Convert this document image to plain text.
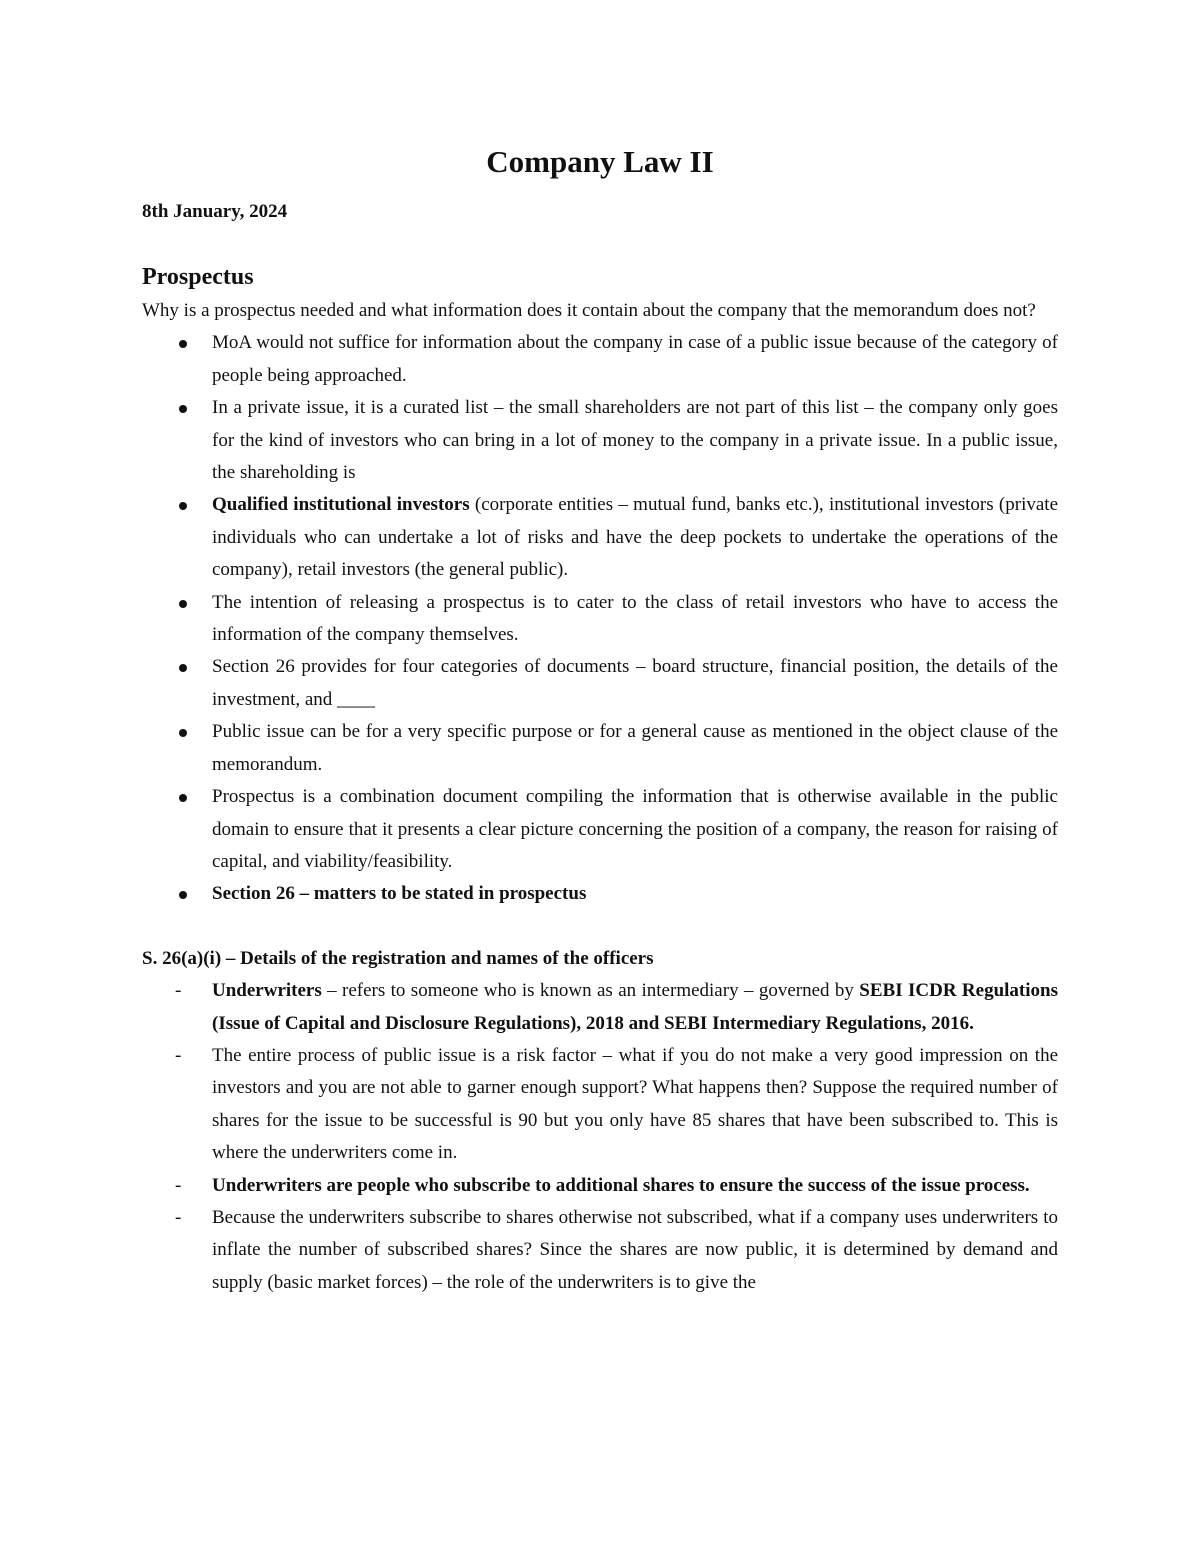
Company Law II
8th January, 2024
Prospectus

Why is a prospectus needed and what information does it contain about the company that the memorandum does not?

MoA would not suffice for information about the company in case of a public issue because of the category of people being approached.
In a private issue, it is a curated list – the small shareholders are not part of this list – the company only goes for the kind of investors who can bring in a lot of money to the company in a private issue. In a public issue, the shareholding is
Qualified institutional investors (corporate entities – mutual fund, banks etc.), institutional investors (private individuals who can undertake a lot of risks and have the deep pockets to undertake the operations of the company), retail investors (the general public).
The intention of releasing a prospectus is to cater to the class of retail investors who have to access the information of the company themselves.
Section 26 provides for four categories of documents – board structure, financial position, the details of the investment, and ____
Public issue can be for a very specific purpose or for a general cause as mentioned in the object clause of the memorandum.
Prospectus is a combination document compiling the information that is otherwise available in the public domain to ensure that it presents a clear picture concerning the position of a company, the reason for raising of capital, and viability/feasibility.
Section 26 – matters to be stated in prospectus

S. 26(a)(i) – Details of the registration and names of the officers

- Underwriters – refers to someone who is known as an intermediary – governed by SEBI ICDR Regulations (Issue of Capital and Disclosure Regulations), 2018 and SEBI Intermediary Regulations, 2016.
- The entire process of public issue is a risk factor – what if you do not make a very good impression on the investors and you are not able to garner enough support? What happens then? Suppose the required number of shares for the issue to be successful is 90 but you only have 85 shares that have been subscribed to. This is where the underwriters come in.
- Underwriters are people who subscribe to additional shares to ensure the success of the issue process.
- Because the underwriters subscribe to shares otherwise not subscribed, what if a company uses underwriters to inflate the number of subscribed shares? Since the shares are now public, it is determined by demand and supply (basic market forces) – the role of the underwriters is to give the
